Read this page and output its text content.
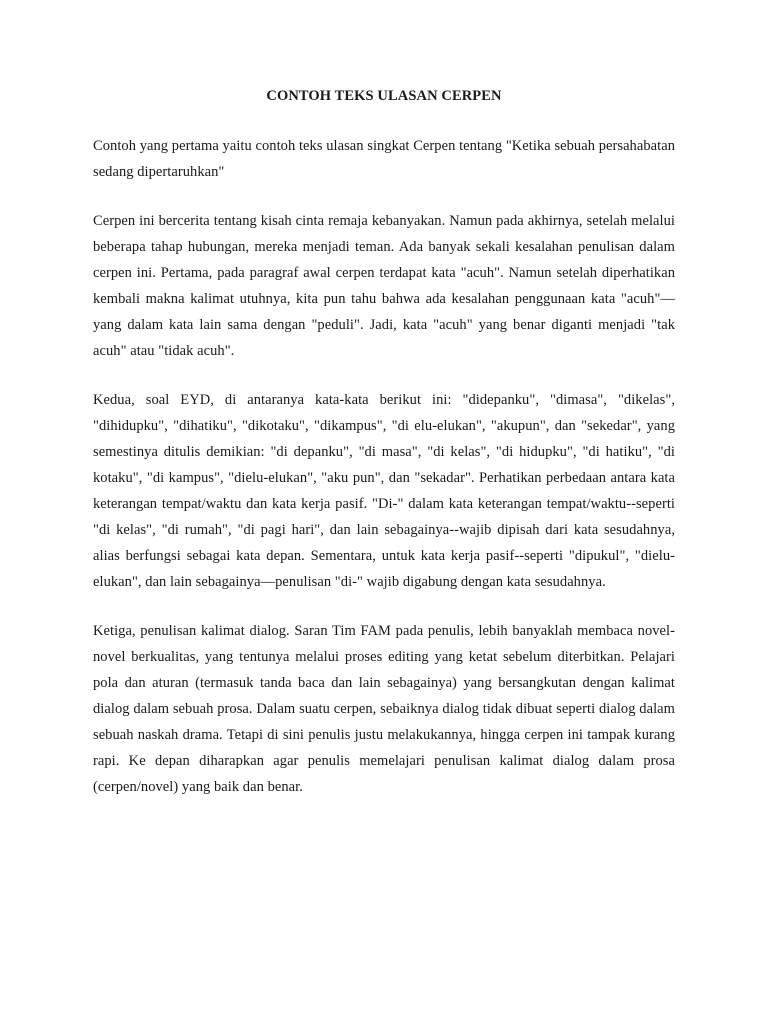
CONTOH TEKS ULASAN CERPEN

Contoh yang pertama yaitu contoh teks ulasan singkat Cerpen tentang "Ketika sebuah persahabatan sedang dipertaruhkan"

Cerpen ini bercerita tentang kisah cinta remaja kebanyakan. Namun pada akhirnya, setelah melalui beberapa tahap hubungan, mereka menjadi teman. Ada banyak sekali kesalahan penulisan dalam cerpen ini. Pertama, pada paragraf awal cerpen terdapat kata "acuh". Namun setelah diperhatikan kembali makna kalimat utuhnya, kita pun tahu bahwa ada kesalahan penggunaan kata "acuh"—yang dalam kata lain sama dengan "peduli". Jadi, kata "acuh" yang benar diganti menjadi "tak acuh" atau "tidak acuh".

Kedua, soal EYD, di antaranya kata-kata berikut ini: "didepanku", "dimasa", "dikelas", "dihidupku", "dihatiku", "dikotaku", "dikampus", "di elu-elukan", "akupun", dan "sekedar", yang semestinya ditulis demikian: "di depanku", "di masa", "di kelas", "di hidupku", "di hatiku", "di kotaku", "di kampus", "dielu-elukan", "aku pun", dan "sekadar". Perhatikan perbedaan antara kata keterangan tempat/waktu dan kata kerja pasif. "Di-" dalam kata keterangan tempat/waktu--seperti "di kelas", "di rumah", "di pagi hari", dan lain sebagainya--wajib dipisah dari kata sesudahnya, alias berfungsi sebagai kata depan. Sementara, untuk kata kerja pasif--seperti "dipukul", "dielu-elukan", dan lain sebagainya—penulisan "di-" wajib digabung dengan kata sesudahnya.

Ketiga, penulisan kalimat dialog. Saran Tim FAM pada penulis, lebih banyaklah membaca novel-novel berkualitas, yang tentunya melalui proses editing yang ketat sebelum diterbitkan. Pelajari pola dan aturan (termasuk tanda baca dan lain sebagainya) yang bersangkutan dengan kalimat dialog dalam sebuah prosa. Dalam suatu cerpen, sebaiknya dialog tidak dibuat seperti dialog dalam sebuah naskah drama. Tetapi di sini penulis justu melakukannya, hingga cerpen ini tampak kurang rapi. Ke depan diharapkan agar penulis memelajari penulisan kalimat dialog dalam prosa (cerpen/novel) yang baik dan benar.
